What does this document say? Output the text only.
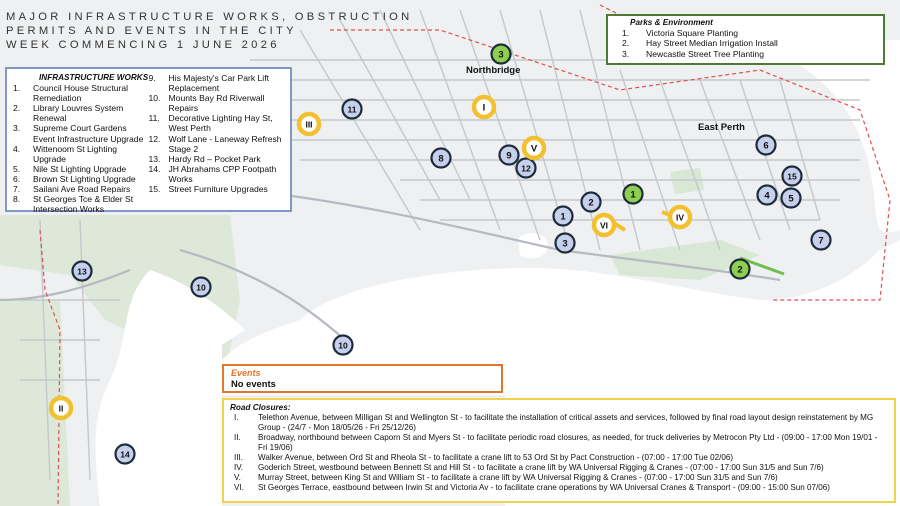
11
8	9
12
1
2
3
6
15
4 5
7
13
10
10
14
3
1
2
I
III
V
VI
IV
II
MAJOR INFRASTRUCTURE WORKS, OBSTRUCTION
PERMITS AND EVENTS IN THE CITY
WEEK COMMENCING 1 JUNE 2026
Northbridge
East Perth
INFRASTRUCTURE WORKS
1.	Council House Structural Remediation
2.	Library Louvres System Renewal
3.	Supreme Court Gardens Event Infrastructure Upgrade
4.	Wittenoom St Lighting Upgrade
5.	Nile St Lighting Upgrade
6.	Brown St Lighting Upgrade
7.	Sailani Ave Road Repairs
8.	St Georges Tce & Elder St Intersection Works
9.	His Majesty's Car Park Lift Replacement
10. Mounts Bay Rd Riverwall Repairs
11.	Decorative Lighting Hay St, West Perth
12. Wolf Lane - Laneway Refresh Stage 2
13. Hardy Rd – Pocket Park
14. JH Abrahams CPP Footpath Works
15. Street Furniture Upgrades
Parks & Environment
1.	Victoria Square Planting
2.	Hay Street Median Irrigation Install
3.	Newcastle Street Tree Planting
Events
No events
Road Closures:
I.	Telethon Avenue, between Milligan St and Wellington St - to facilitate the installation of critical assets and services, followed by final road layout design reinstatement by MG Group - (24/7 - Mon 18/05/26 - Fri 25/12/26)
II.	Broadway, northbound between Caporn St and Myers St - to facilitate periodic road closures, as needed, for truck deliveries by Metrocon Pty Ltd - (09:00 - 17:00 Mon 19/01 - Fri 19/06)
III.	Walker Avenue, between Ord St and Rheola St - to facilitate a crane lift to 53 Ord St by Pact Construction - (07:00 - 17:00 Tue 02/06)
IV.	Goderich Street, westbound between Bennett St and Hill St - to facilitate a crane lift by WA Universal Rigging & Cranes - (07:00 - 17:00 Sun 31/5 and Sun 7/6)
V.	Murray Street, between King St and William St - to facilitate a crane lift by WA Universal Rigging & Cranes - (07:00 - 17:00 Sun 31/5 and Sun 7/6)
VI.	St Georges Terrace, eastbound between Irwin St and Victoria Av - to facilitate crane operations by WA Universal Cranes & Transport - (09:00 - 15:00 Sun 07/06)
